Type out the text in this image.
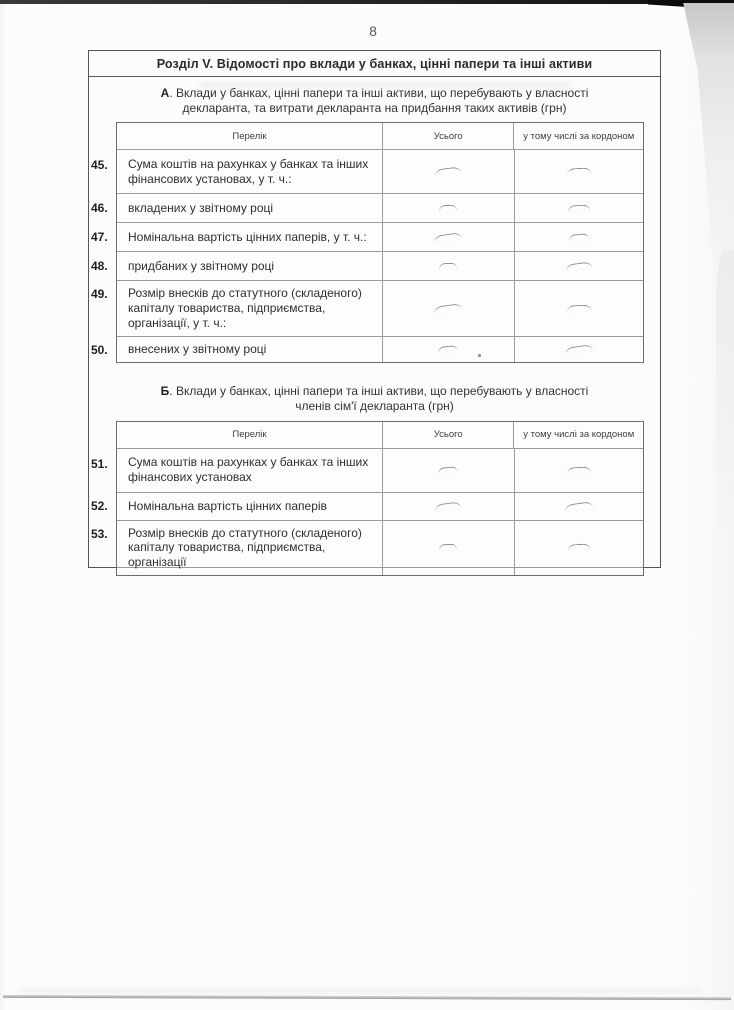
8
Розділ V. Відомості про вклади у банках, цінні папери та інші активи
А. Вклади у банках, цінні папери та інші активи, що перебувають у власності декларанта, та витрати декларанта на придбання таких активів (грн)
Перелік	Усього	у тому числі за кордоном
45.	Сума коштів на рахунках у банках та інших фінансових установах, у т. ч.:
46.	вкладених у звітному році
47.	Номінальна вартість цінних паперів, у т. ч.:
48.	придбаних у звітному році
49.	Розмір внесків до статутного (складеного) капіталу товариства, підприємства, організації, у т. ч.:
50.	внесених у звітному році
Б. Вклади у банках, цінні папери та інші активи, що перебувають у власності членів сім'ї декларанта (грн)
Перелік	Усього	у тому числі за кордоном
51.	Сума коштів на рахунках у банках та інших фінансових установах
52.	Номінальна вартість цінних паперів
53.	Розмір внесків до статутного (складеного) капіталу товариства, підприємства, організації
